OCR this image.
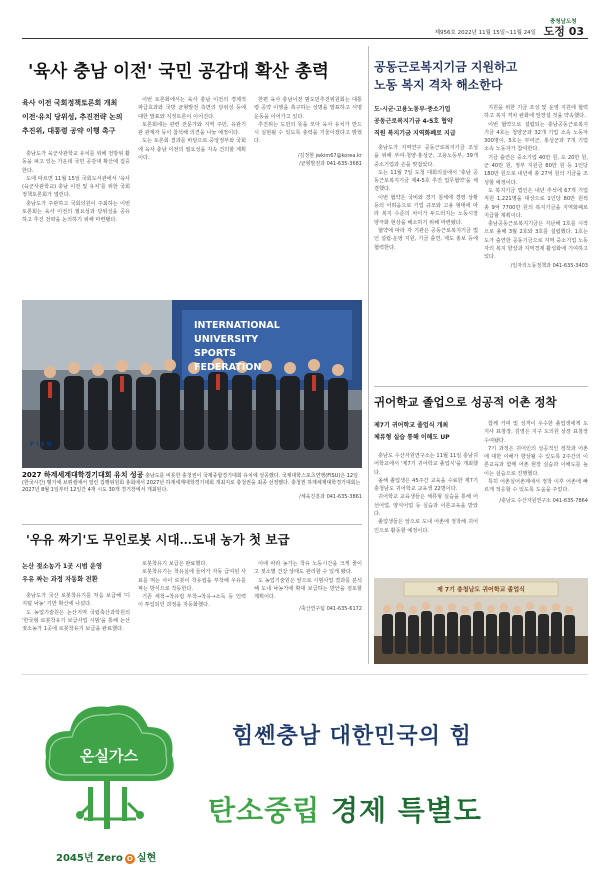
제956호 2022년 11월 15일~11월 24일 도정 03
충청남도청
'육사 충남 이전' 국민 공감대 확산 총력
육사 이전 국회정책토론회 개최
이전·유치 당위성, 추진전략 논의
추진위, 대통령 공약 이행 촉구

충남도가 육군사관학교 유치를 위해 전방위 활동을 펴고 있는 가운데 국민 공감대 확산에 집중한다.

도에 따르면 11월 15일 국회도서관에서 '육사(육군사관학교) 충남 이전 및 유치'를 위한 국회정책토론회가 열린다.

충남도가 주관하고 국회의원이 주최하는 이번 토론회는 육사 이전의 필요성과 당위성을 공유하고 추진 전략을 논의하기 위해 마련됐다.

이번 토론회에서는 육사 충남 이전의 경제적 파급효과와 국방 균형발전 측면의 당위성 등에 대한 발표와 지정토론이 이어진다.

토론회에는 관련 전문가와 지역 주민, 유관기관 관계자 등이 참석해 의견을 나눌 예정이다.

도는 토론회 결과를 바탕으로 중앙정부와 국회에 육사 충남 이전의 필요성을 지속 건의할 계획이다.

한편 육사 충남이전 범도민추진위원회는 대통령 공약 이행을 촉구하는 성명을 발표하고 서명운동을 이어가고 있다.

추진위는 도민의 뜻을 모아 육사 유치가 반드시 실현될 수 있도록 총력을 기울이겠다고 밝혔다.

/김정현 jwkim67@korea.kr
/균형발전과 041-635-3681
F I S U
INTERNATIONAL
UNIVERSITY
SPORTS
FEDERATION
2027 하계세계대학경기대회 유치 성공 충남도를 비롯한 충청권이 국제종합경기대회 유치에 성공했다. 국제대학스포츠연맹(FISU)은 12일(한국시간) 벨기에 브뤼셀에서 열린 집행위원회 총회에서 2027년 하계세계대학경기대회 개최지로 충청권을 최종 선정했다. 충청권 하계세계대학경기대회는 2027년 8월 1일부터 12일간 4개 시도 30개 경기장에서 개최된다.
/체육진흥과 041-635-3861
'우유 짜기'도 무인로봇 시대…도내 농가 첫 보급
논산 젖소농가 1곳 시범 운영
우유 짜는 과정 자동화 전환

충남도가 국산 로봇착유기를 처음 보급해 '디지털 낙농' 기반 확산에 나섰다.

도 농업기술원은 논산지역 국립축산과학원의 '한국형 로봇착유기 보급사업 시범'을 통해 논산 젖소농가 1곳에 로봇착유기 보급을 완료했다.

로봇착유기 보급은 완료했다.

로봇착유기는 착유실에 들어가 자동 급여된 사료를 먹는 사이 로봇이 착유컵을 부착해 우유를 짜는 방식으로 작동한다.

기존 세척→착유컵 부착→착유→소독 등 인력이 투입되던 과정을 자동화했다.

이에 따라 농가는 착유 노동시간을 크게 줄이고 젖소별 건강 상태도 관리할 수 있게 됐다.

도 농업기술원은 앞으로 시범사업 결과를 분석해 도내 낙농가에 확대 보급하는 방안을 검토할 계획이다.

/축산연구팀 041-635-6172
공동근로복지기금 지원하고
노동 복지 격차 해소한다
도·시군·고용노동부·중소기업
공동근로복지기금 4-5호 협약
직원 복지기금 지역화폐로 지급

충남도가 지역연구 공동근로복지기금 조성을 위해 부여·청양·홍성군, 고용노동부, 39개 중소기업과 손을 맞잡았다.

도는 11월 7일 도청 대회의실에서 '충남 공동근로복지기금 제4-5호 추진 업무협약'을 체결했다.

이번 협약은 국비와 경기 침체에 경영 상황 등의 어려움으로 기업 규모와 고용 형태에 따라 복지 수준의 차이가 두드러지는 노동시장 양극화 현상을 해소하기 위해 마련됐다.

협약에 따라 각 기관은 공동근로복지기금 법인 설립·운영 지원, 기금 출연, 제도 홍보 등에 협력한다.

지원을 위한 기금 조성 및 운영 지원에 협력하고 복지 격차 완화에 앞장설 것을 약속했다.

이번 협약으로 설립되는 충남공동근로복지기금 4호는 청양군과 32개 기업 소속 노동자 300명이, 5호는 부여군, 홍성군과 7개 기업 소속 노동자가 참여한다.

기금 출연은 중소기업 40만 원, 도 20만 원, 군 40만 원, 정부 지원금 80만 원 등 1인당 180만 원으로 내년에 총 27억 원의 기금을 조성할 예정이다.

도 복지기금 법인은 내년 추석에 67개 기업 직원 1,221명을 대상으로 1인당 80만 원씩 총 9억 7700만 원의 복지기금을 지역화폐로 지급할 계획이다.

충남공동근로복지기금은 지난해 1호를 시작으로 올해 3월 2호와 3호를 설립했다. 1호는 도가 출연한 공동기금으로 지역 중소기업 노동자의 복지 향상과 지역경제 활성화에 기여하고 있다.

/일자리노동정책과 041-635-3403
귀어학교 졸업으로 성공적 어촌 정착
제7기 귀어학교 졸업식 개최
체류형 실습 통해 이해도 UP

충남도 수산자원연구소는 11월 11일 충남귀어학교에서 '제7기 귀어학교 졸업식'을 개최했다.

올해 졸업생은 45주간 교육을 수료한 제7기 충청남도 귀어학교 교육생 22명이다.

귀어학교 교육생들은 체류형 실습을 통해 어선어업, 양식어업 등 실습과 이론교육을 받았다.

졸업생들은 앞으로 도내 어촌에 정착해 귀어인으로 활동할 예정이다.

함께 거며 및 성격이 우수한 졸업생에게 도지사 표창장, 김영은 지구 도의원 상장 표창장 수여됐다.

7기 과정은 귀어인의 성공적인 정착과 어촌에 대한 이해가 향상될 수 있도록 2주간의 이론교육과 함께 어촌 현장 실습과 이해도를 높이는 실습으로 진행했다.

특히 어촌실어촌계에서 정착 이후 어촌에 빠르게 적응할 수 있도록 도움을 주었다.

/충남도 수산자원연구소 041-635-7864
제 7기 충청남도 귀어학교 졸업식
온실가스
2045년 Zero O 실현
힘쎈충남 대한민국의 힘
탄소중립 경제 특별도
